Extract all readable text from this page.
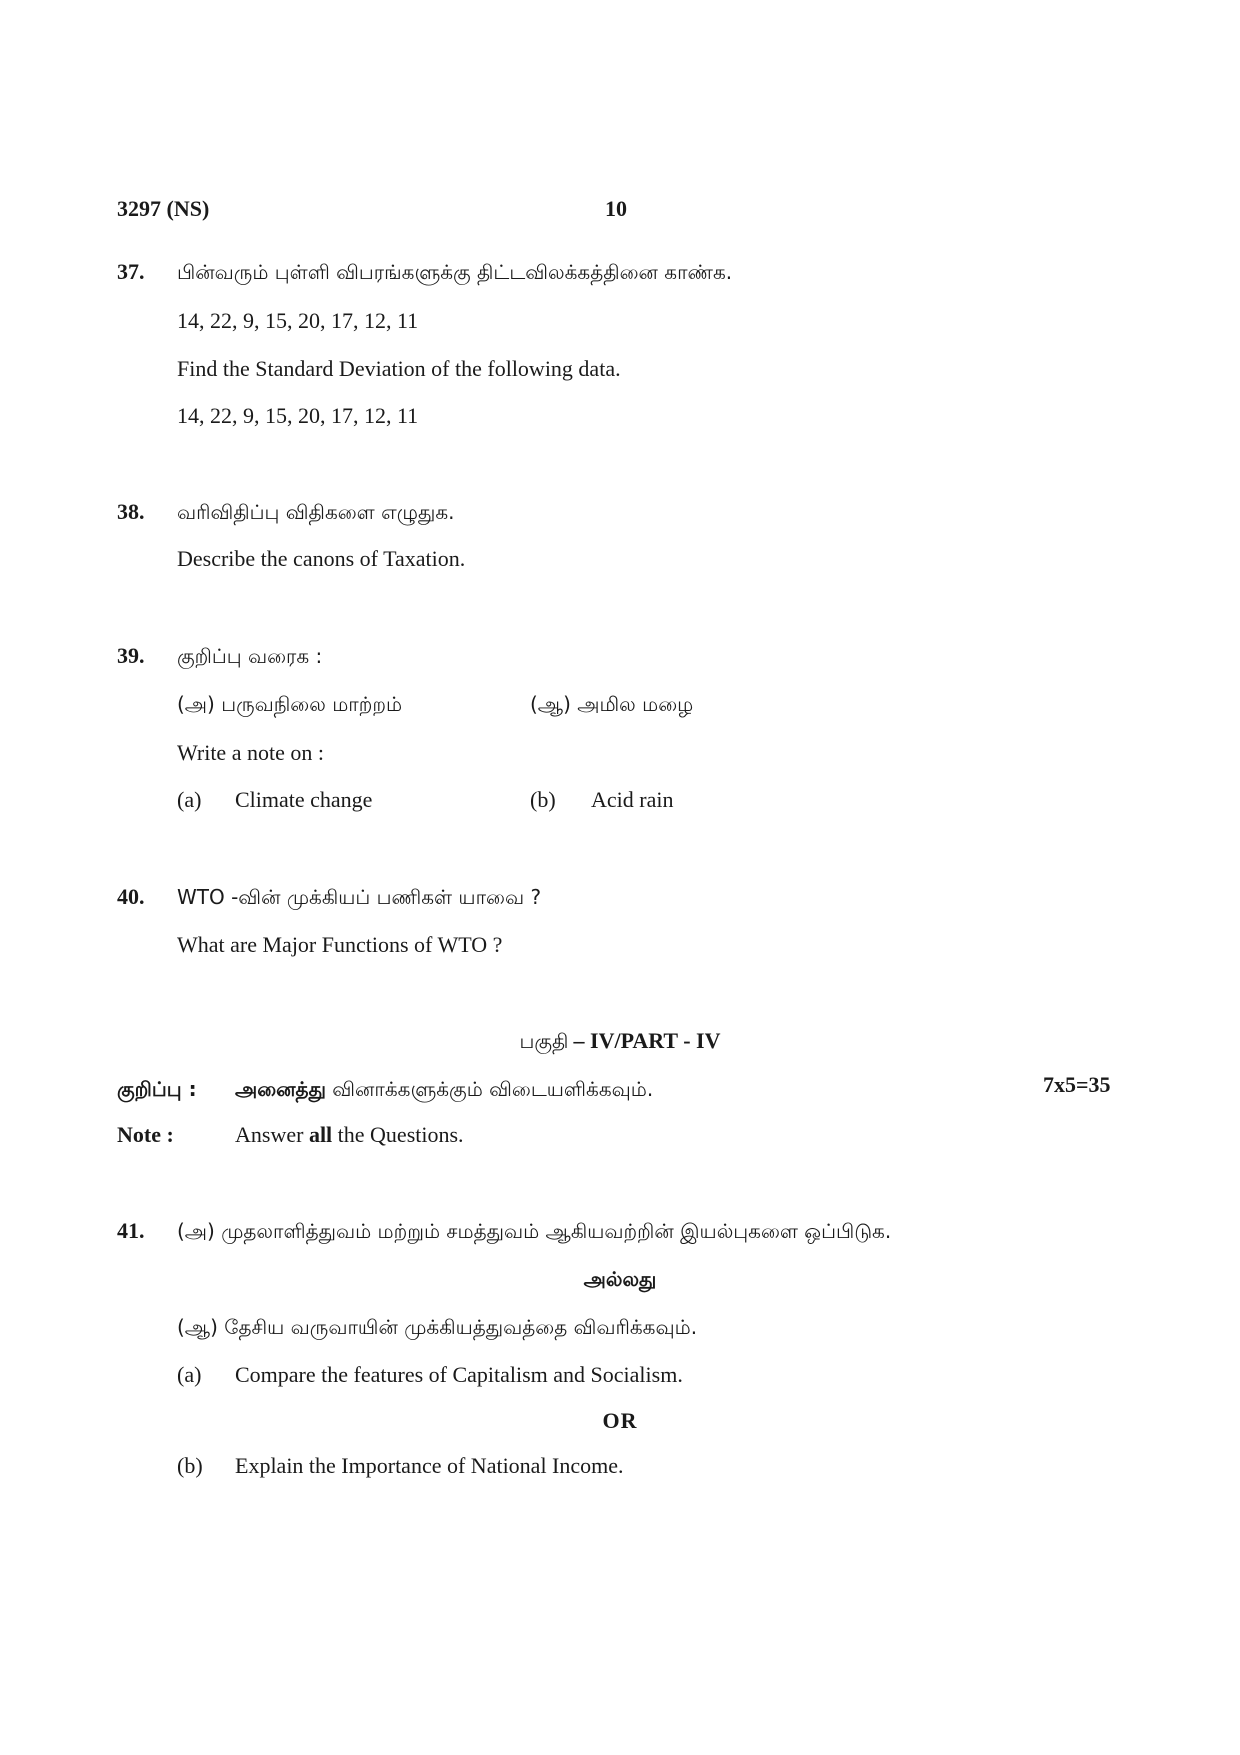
3297 (NS)	10
37. பின்வரும் புள்ளி விபரங்களுக்கு திட்டவிலக்கத்தினை காண்க.
14, 22, 9, 15, 20, 17, 12, 11
Find the Standard Deviation of the following data.
14, 22, 9, 15, 20, 17, 12, 11
38. வரிவிதிப்பு விதிகளை எழுதுக.
Describe the canons of Taxation.
39. குறிப்பு வரைக :
(அ) பருவநிலை மாற்றம்	(ஆ) அமில மழை
Write a note on :
(a) Climate change	(b) Acid rain
40. WTO -வின் முக்கியப் பணிகள் யாவை ?
What are Major Functions of WTO ?
பகுதி – IV/PART - IV
குறிப்பு : அனைத்து வினாக்களுக்கும் விடையளிக்கவும்.	7x5=35
Note :	Answer all the Questions.
41. (அ) முதலாளித்துவம் மற்றும் சமத்துவம் ஆகியவற்றின் இயல்புகளை ஒப்பிடுக.
அல்லது
(ஆ) தேசிய வருவாயின் முக்கியத்துவத்தை விவரிக்கவும்.
(a) Compare the features of Capitalism and Socialism.
OR
(b) Explain the Importance of National Income.
